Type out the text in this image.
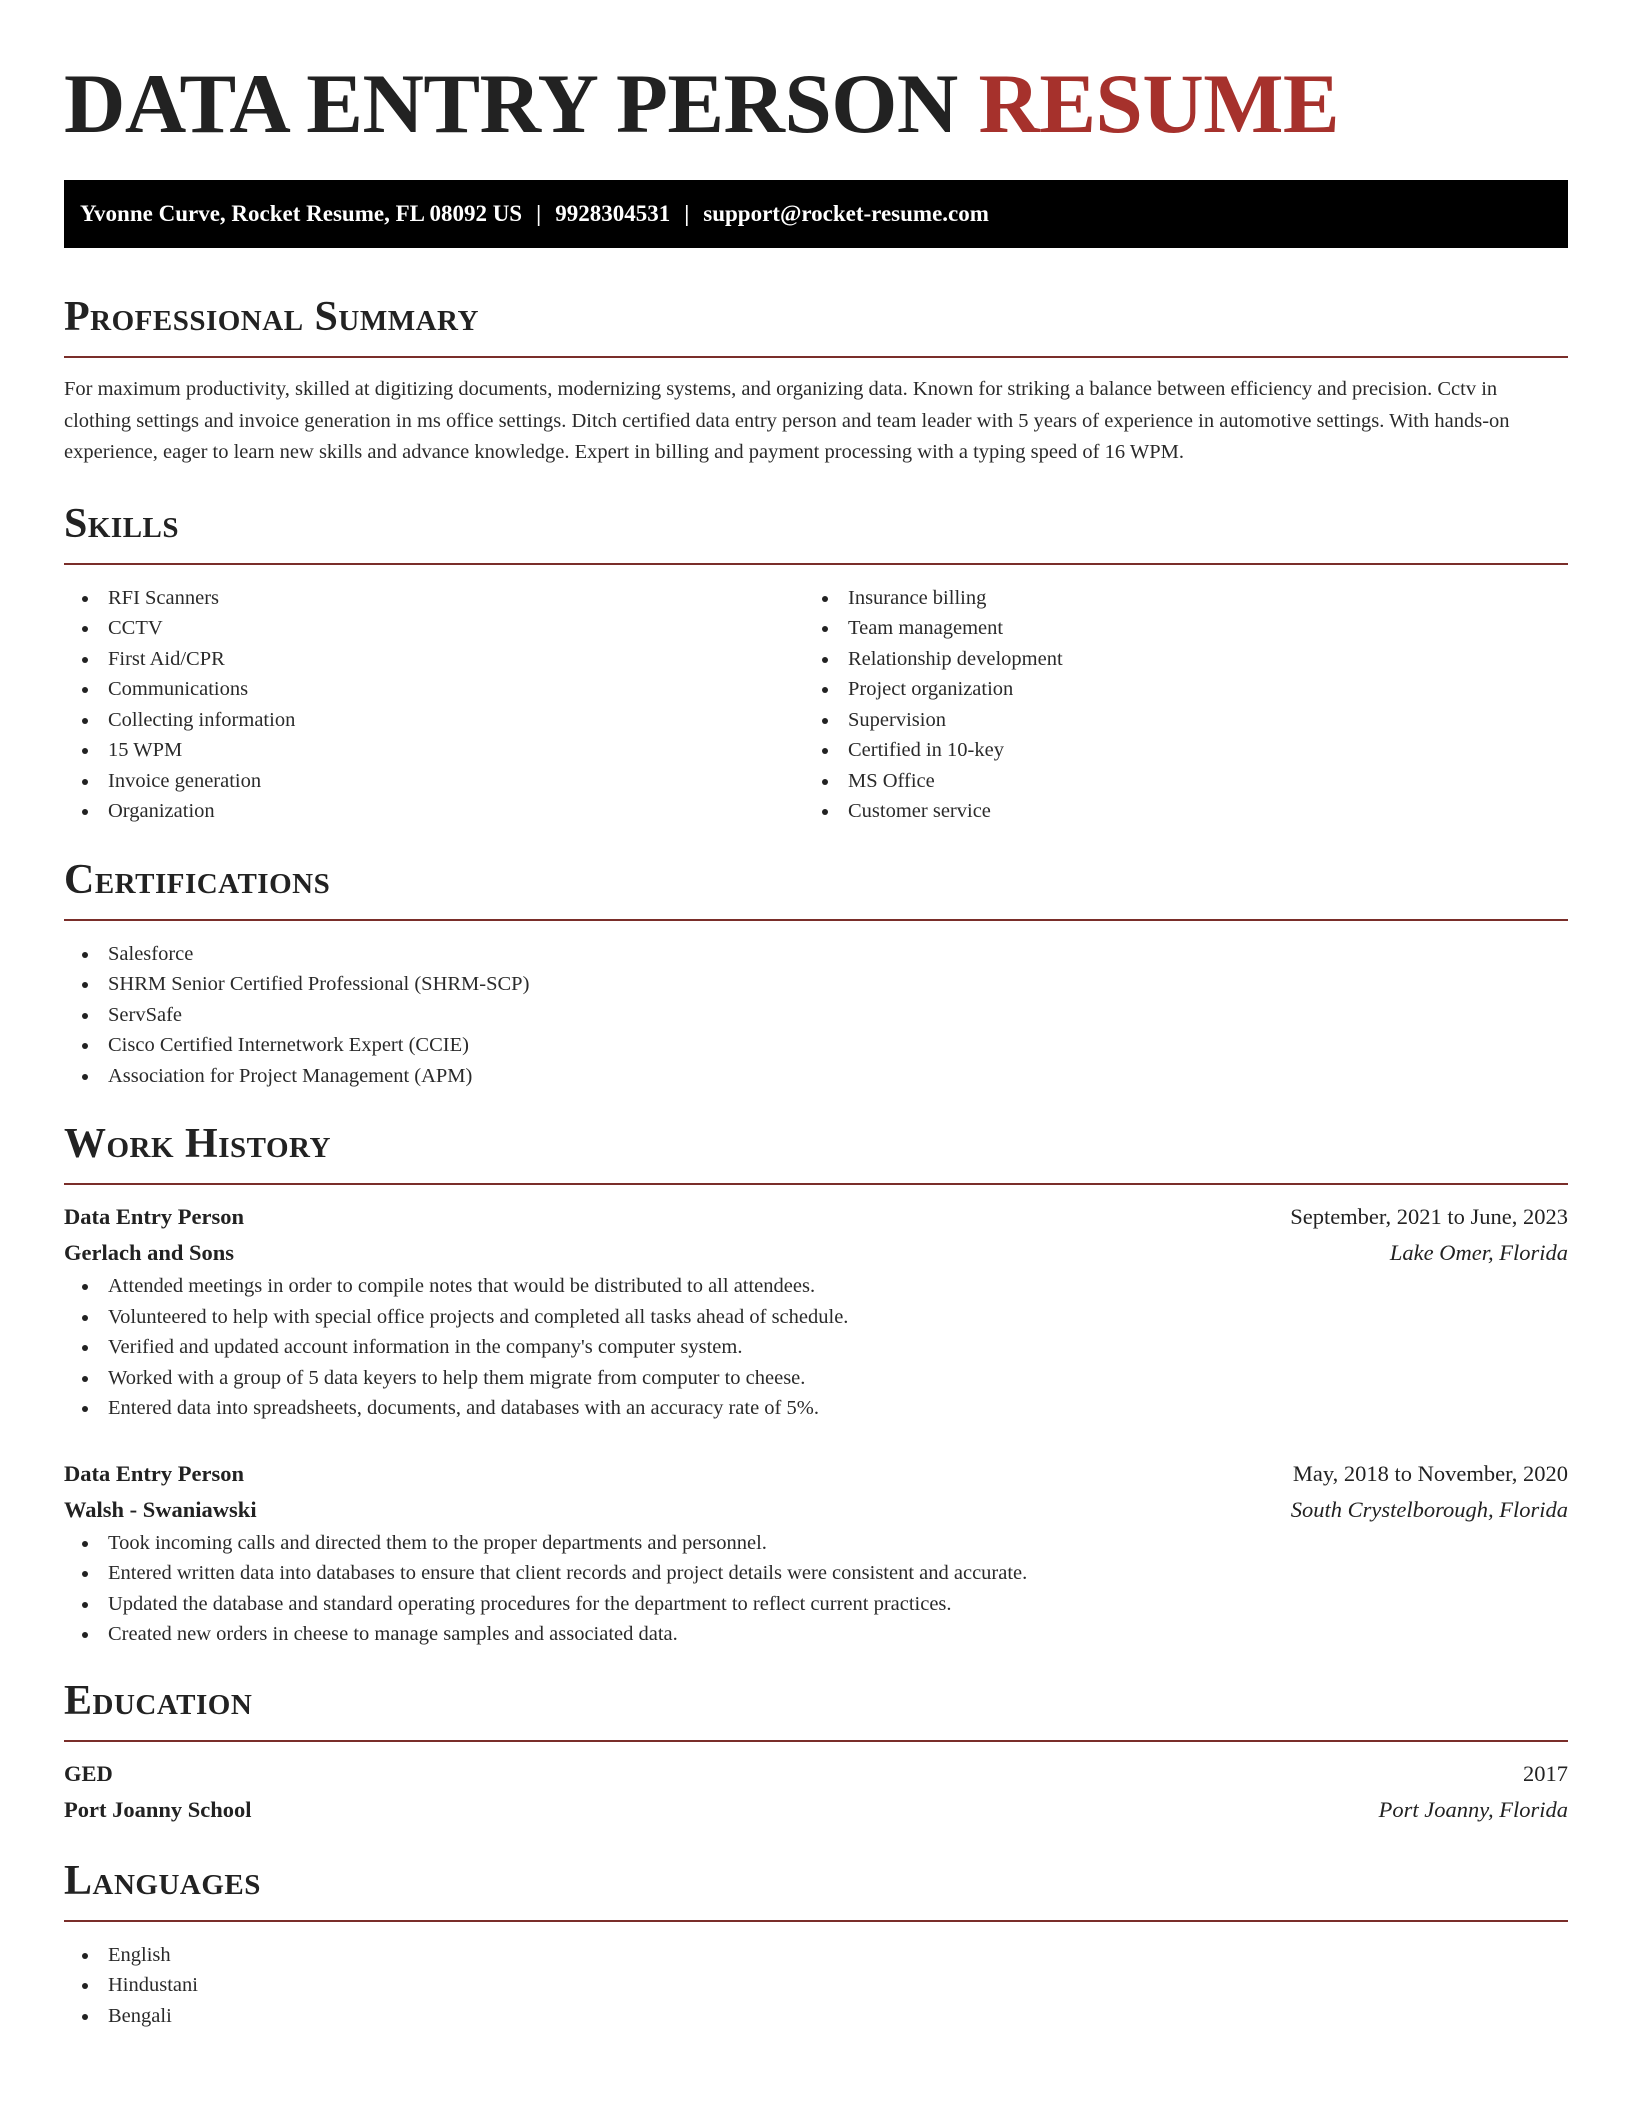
DATA ENTRY PERSON RESUME
Yvonne Curve, Rocket Resume, FL 08092 US | 9928304531 | support@rocket-resume.com
Professional Summary

For maximum productivity, skilled at digitizing documents, modernizing systems, and organizing data. Known for striking a balance between efficiency and precision. Cctv in clothing settings and invoice generation in ms office settings. Ditch certified data entry person and team leader with 5 years of experience in automotive settings. With hands-on experience, eager to learn new skills and advance knowledge. Expert in billing and payment processing with a typing speed of 16 WPM.

Skills
RFI Scanners
CCTV
First Aid/CPR
Communications
Collecting information
15 WPM
Invoice generation
Organization
Insurance billing
Team management
Relationship development
Project organization
Supervision
Certified in 10-key
MS Office
Customer service
Certifications
Salesforce
SHRM Senior Certified Professional (SHRM-SCP)
ServSafe
Cisco Certified Internetwork Expert (CCIE)
Association for Project Management (APM)
Work History
Data Entry Person	September, 2021 to June, 2023
Gerlach and Sons	Lake Omer, Florida
Attended meetings in order to compile notes that would be distributed to all attendees.
Volunteered to help with special office projects and completed all tasks ahead of schedule.
Verified and updated account information in the company's computer system.
Worked with a group of 5 data keyers to help them migrate from computer to cheese.
Entered data into spreadsheets, documents, and databases with an accuracy rate of 5%.
Data Entry Person	May, 2018 to November, 2020
Walsh - Swaniawski	South Crystelborough, Florida
Took incoming calls and directed them to the proper departments and personnel.
Entered written data into databases to ensure that client records and project details were consistent and accurate.
Updated the database and standard operating procedures for the department to reflect current practices.
Created new orders in cheese to manage samples and associated data.
Education
GED	2017
Port Joanny School	Port Joanny, Florida
Languages
English
Hindustani
Bengali
